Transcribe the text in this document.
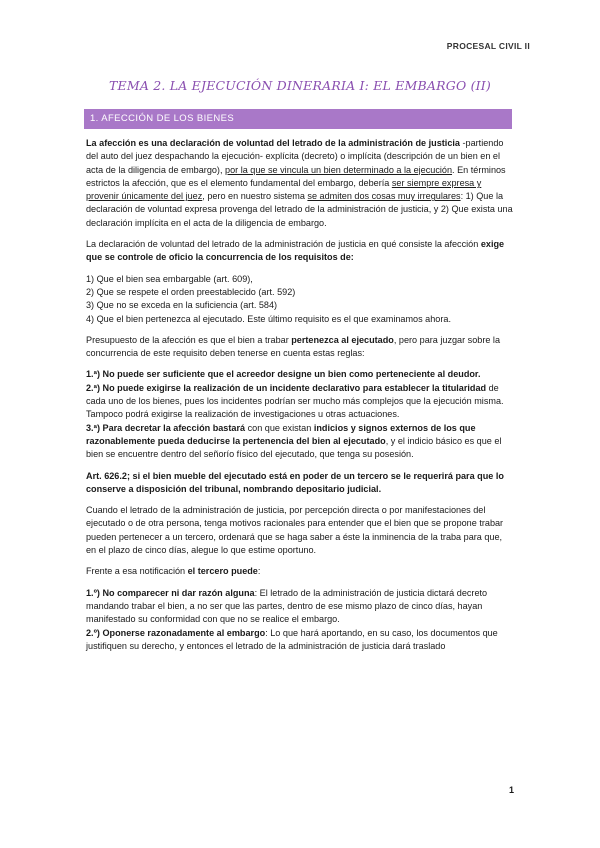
PROCESAL CIVIL II
TEMA 2. LA EJECUCIÓN DINERARIA I: EL EMBARGO (II)
1. AFECCIÓN DE LOS BIENES

La afección es una declaración de voluntad del letrado de la administración de justicia -partiendo del auto del juez despachando la ejecución- explícita (decreto) o implícita (descripción de un bien en el acta de la diligencia de embargo), por la que se vincula un bien determinado a la ejecución. En términos estrictos la afección, que es el elemento fundamental del embargo, debería ser siempre expresa y provenir únicamente del juez, pero en nuestro sistema se admiten dos cosas muy irregulares: 1) Que la declaración de voluntad expresa provenga del letrado de la administración de justicia, y 2) Que exista una declaración implícita en el acta de la diligencia de embargo.

La declaración de voluntad del letrado de la administración de justicia en qué consiste la afección exige que se controle de oficio la concurrencia de los requisitos de:

1) Que el bien sea embargable (art. 609),

2) Que se respete el orden preestablecido (art. 592)

3) Que no se exceda en la suficiencia (art. 584)

4) Que el bien pertenezca al ejecutado. Este último requisito es el que examinamos ahora.

Presupuesto de la afección es que el bien a trabar pertenezca al ejecutado, pero para juzgar sobre la concurrencia de este requisito deben tenerse en cuenta estas reglas:

1.ª) No puede ser suficiente que el acreedor designe un bien como perteneciente al deudor.

2.ª) No puede exigirse la realización de un incidente declarativo para establecer la titularidad de cada uno de los bienes, pues los incidentes podrían ser mucho más complejos que la ejecución misma. Tampoco podrá exigirse la realización de investigaciones u otras actuaciones.

3.ª) Para decretar la afección bastará con que existan indicios y signos externos de los que razonablemente pueda deducirse la pertenencia del bien al ejecutado, y el indicio básico es que el bien se encuentre dentro del señorío físico del ejecutado, que tenga su posesión.

Art. 626.2; si el bien mueble del ejecutado está en poder de un tercero se le requerirá para que lo conserve a disposición del tribunal, nombrando depositario judicial.

Cuando el letrado de la administración de justicia, por percepción directa o por manifestaciones del ejecutado o de otra persona, tenga motivos racionales para entender que el bien que se propone trabar pueden pertenecer a un tercero, ordenará que se haga saber a éste la inminencia de la traba para que, en el plazo de cinco días, alegue lo que estime oportuno.

Frente a esa notificación el tercero puede:

1.º) No comparecer ni dar razón alguna: El letrado de la administración de justicia dictará decreto mandando trabar el bien, a no ser que las partes, dentro de ese mismo plazo de cinco días, hayan manifestado su conformidad con que no se realice el embargo.

2.º) Oponerse razonadamente al embargo: Lo que hará aportando, en su caso, los documentos que justifiquen su derecho, y entonces el letrado de la administración de justicia dará traslado

1
